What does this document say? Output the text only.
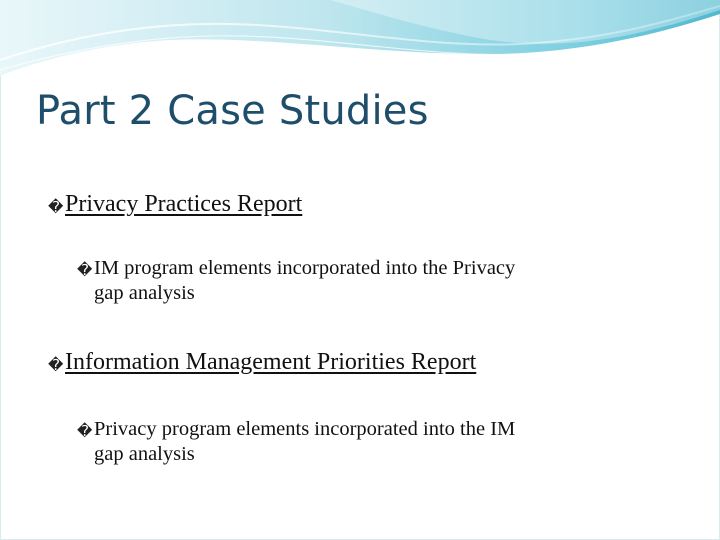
Part 2 Case Studies
�Privacy Practices Report
�IM program elements incorporated into the Privacy
gap analysis
�Information Management Priorities Report
�Privacy program elements incorporated into the IM
gap analysis
